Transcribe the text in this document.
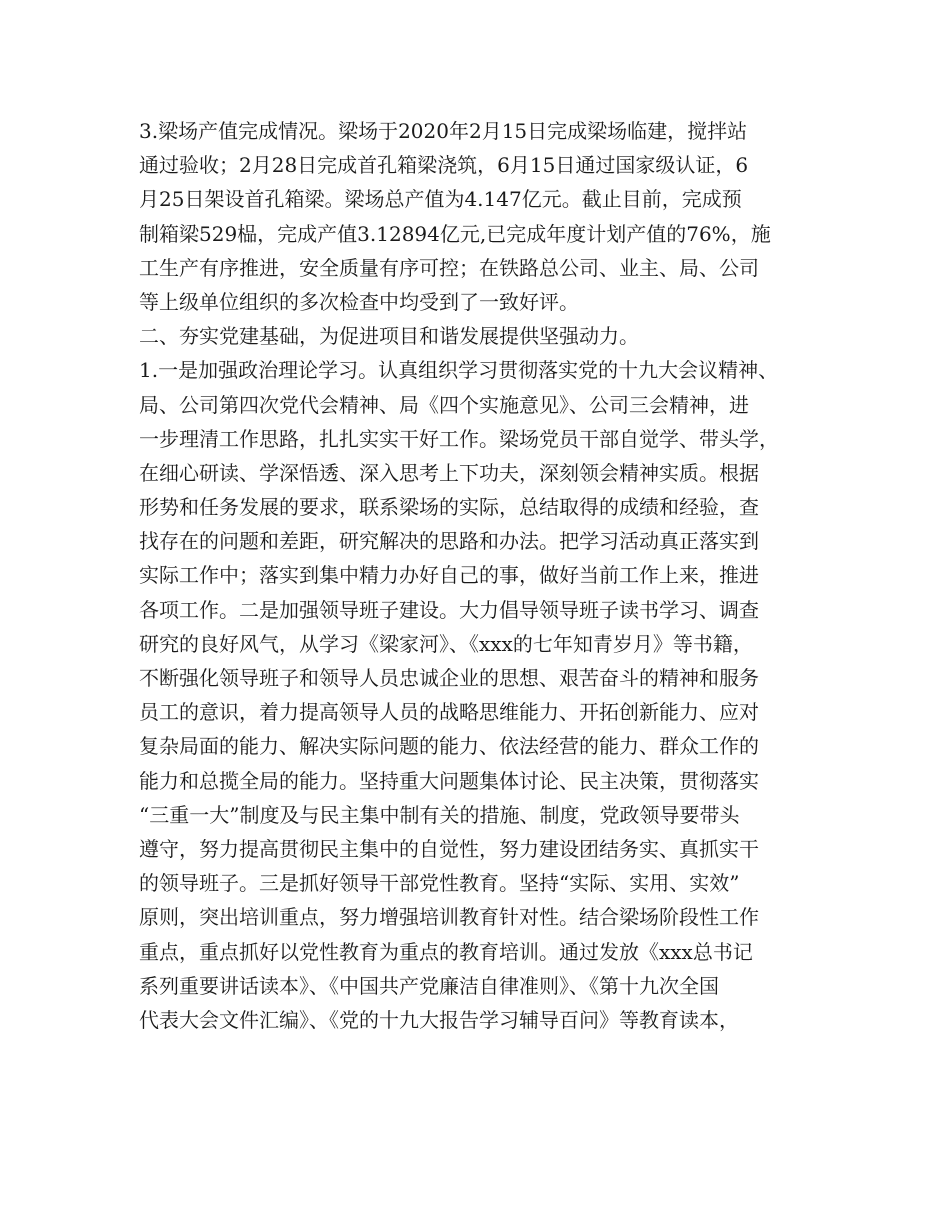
3.梁场产值完成情况。梁场于2020年2月15日完成梁场临建，搅拌站
通过验收；2月28日完成首孔箱梁浇筑，6月15日通过国家级认证，6
月25日架设首孔箱梁。梁场总产值为4.147亿元。截止目前，完成预
制箱梁529榀，完成产值3.12894亿元,已完成年度计划产值的76%，施
工生产有序推进，安全质量有序可控；在铁路总公司、业主、局、公司
等上级单位组织的多次检查中均受到了一致好评。
二、夯实党建基础，为促进项目和谐发展提供坚强动力。
1.一是加强政治理论学习。认真组织学习贯彻落实党的十九大会议精神、
局、公司第四次党代会精神、局《四个实施意见》、公司三会精神，进
一步理清工作思路，扎扎实实干好工作。梁场党员干部自觉学、带头学，
在细心研读、学深悟透、深入思考上下功夫，深刻领会精神实质。根据
形势和任务发展的要求，联系梁场的实际，总结取得的成绩和经验，查
找存在的问题和差距，研究解决的思路和办法。把学习活动真正落实到
实际工作中；落实到集中精力办好自己的事，做好当前工作上来，推进
各项工作。二是加强领导班子建设。大力倡导领导班子读书学习、调查
研究的良好风气，从学习《梁家河》、《xxx的七年知青岁月》等书籍，
不断强化领导班子和领导人员忠诚企业的思想、艰苦奋斗的精神和服务
员工的意识，着力提高领导人员的战略思维能力、开拓创新能力、应对
复杂局面的能力、解决实际问题的能力、依法经营的能力、群众工作的
能力和总揽全局的能力。坚持重大问题集体讨论、民主决策，贯彻落实
“三重一大”制度及与民主集中制有关的措施、制度，党政领导要带头
遵守，努力提高贯彻民主集中的自觉性，努力建设团结务实、真抓实干
的领导班子。三是抓好领导干部党性教育。坚持“实际、实用、实效”
原则，突出培训重点，努力增强培训教育针对性。结合梁场阶段性工作
重点，重点抓好以党性教育为重点的教育培训。通过发放《xxx总书记
系列重要讲话读本》、《中国共产党廉洁自律准则》、《第十九次全国
代表大会文件汇编》、《党的十九大报告学习辅导百问》等教育读本，
